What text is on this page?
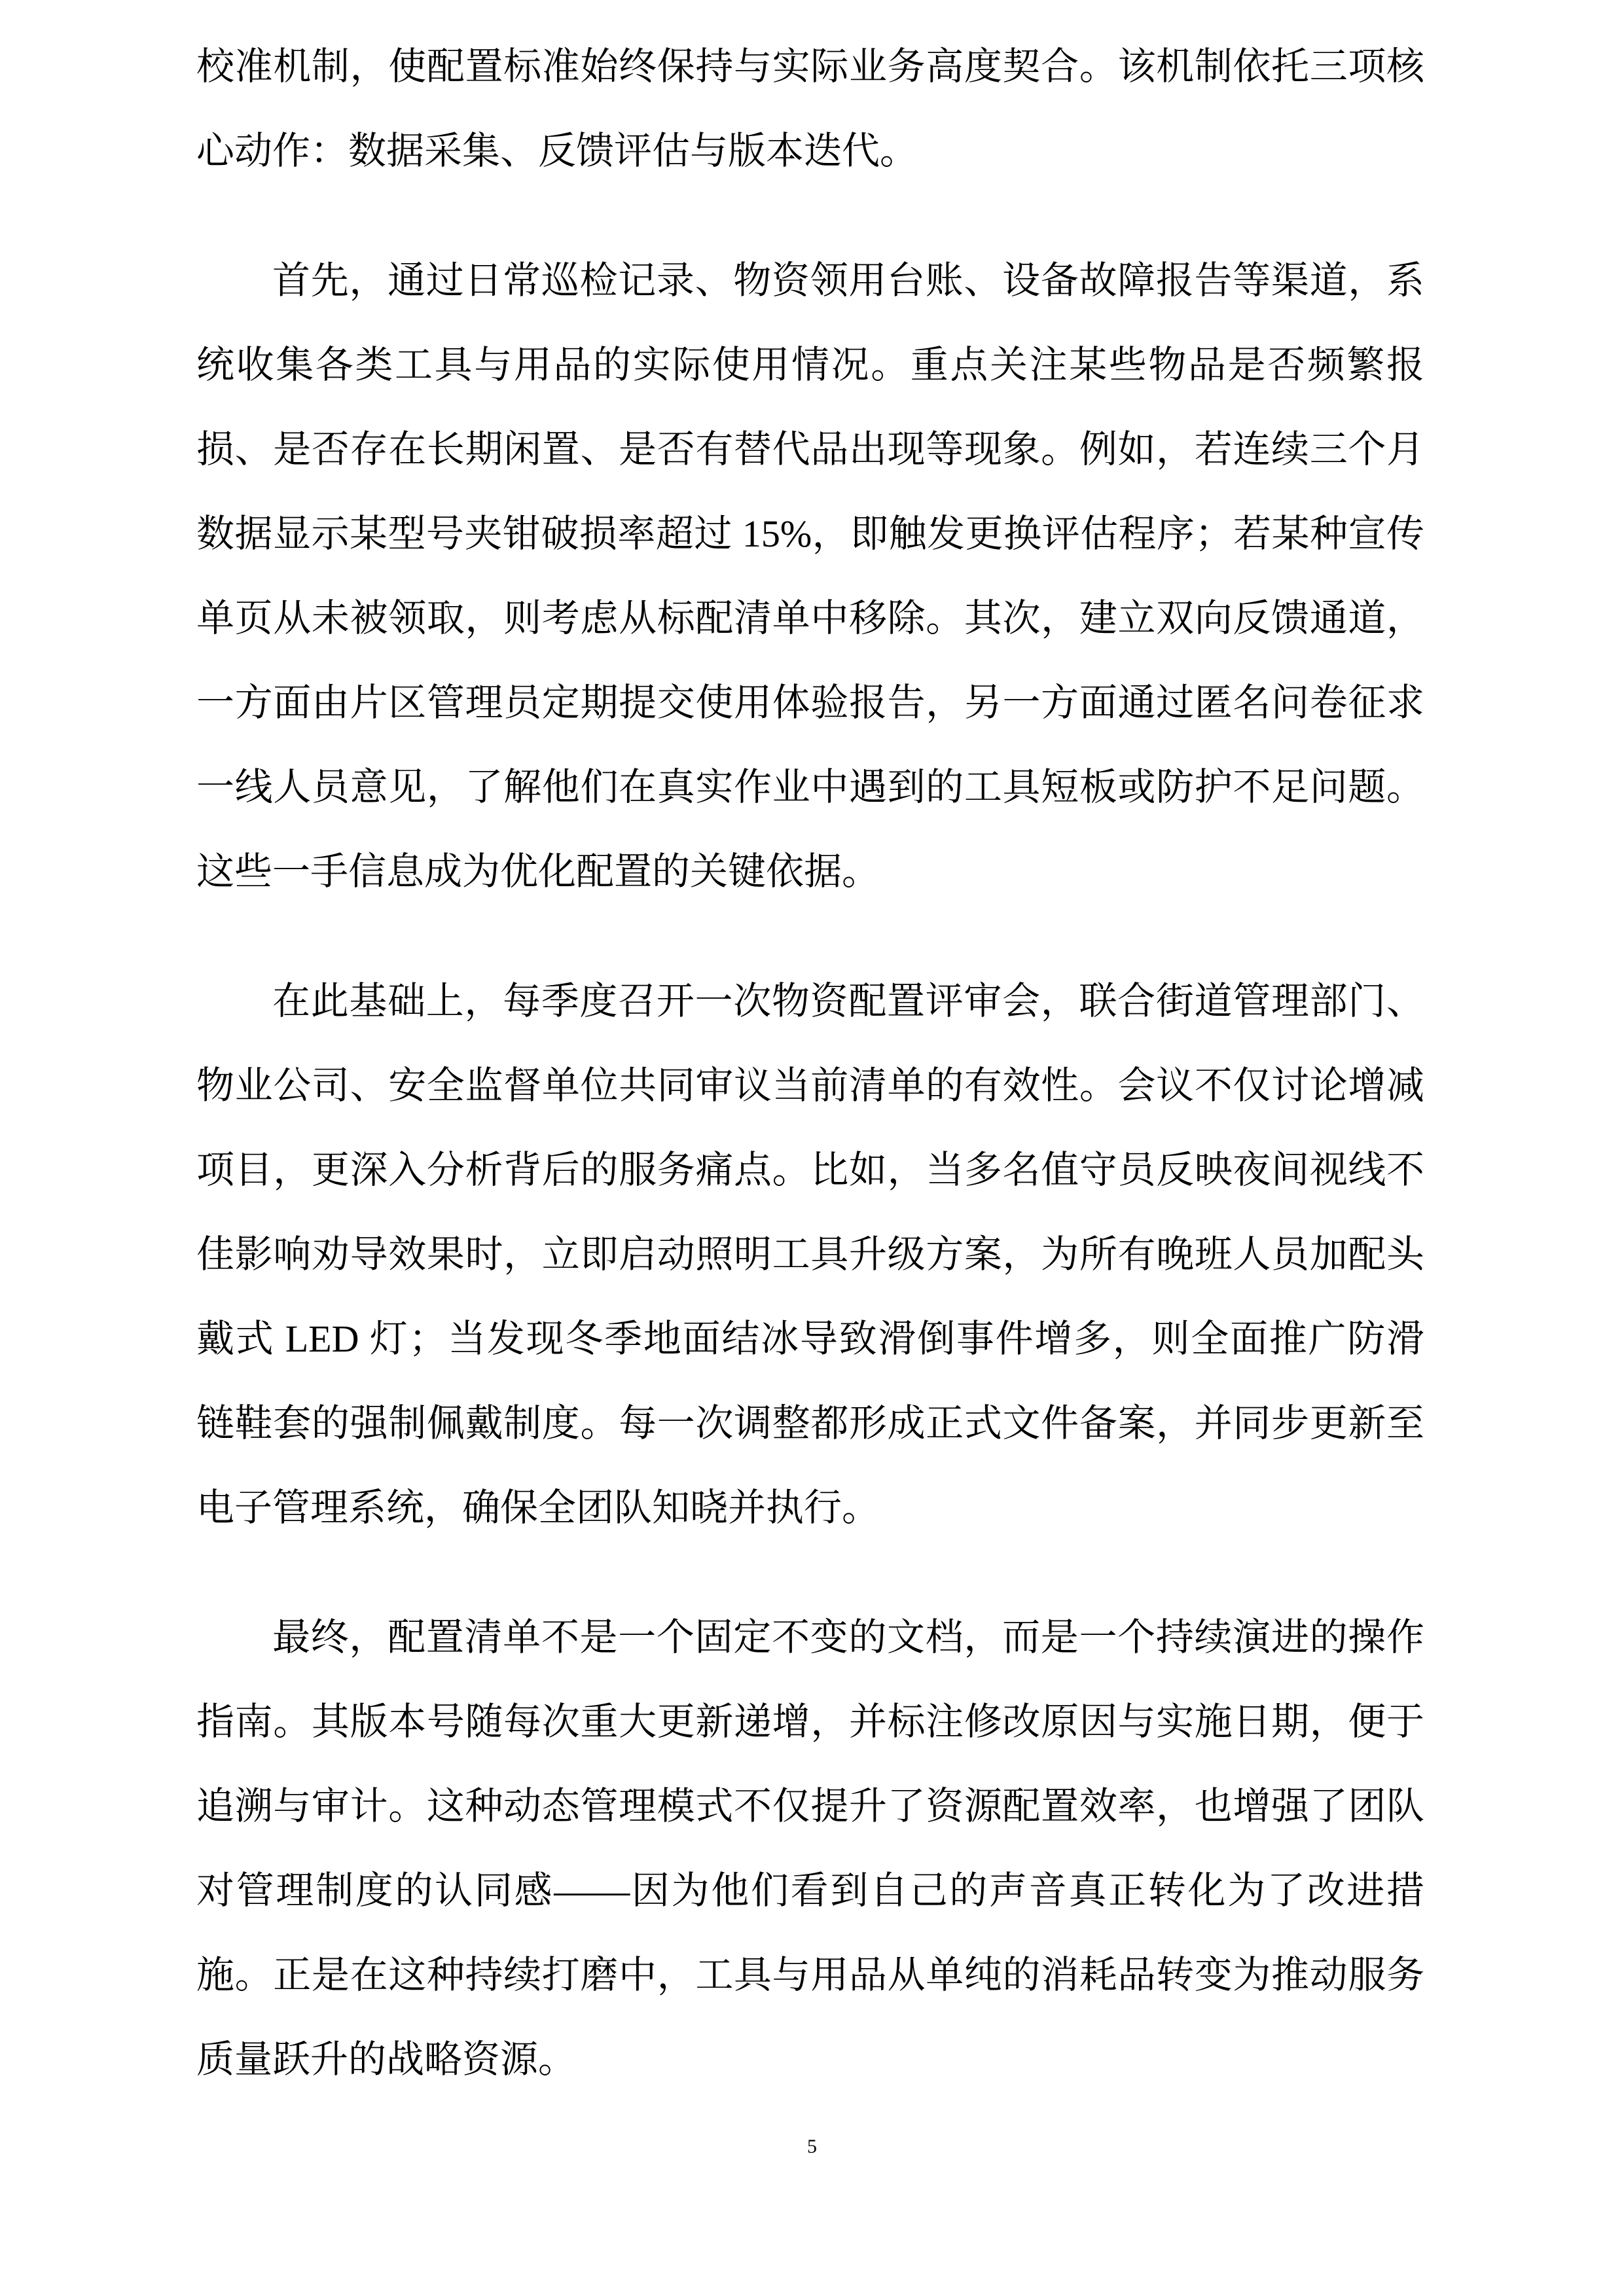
校准机制，使配置标准始终保持与实际业务高度契合。该机制依托三项核
心动作：数据采集、反馈评估与版本迭代。
首先，通过日常巡检记录、物资领用台账、设备故障报告等渠道，系
统收集各类工具与用品的实际使用情况。重点关注某些物品是否频繁报
损、是否存在长期闲置、是否有替代品出现等现象。例如，若连续三个月
数据显示某型号夹钳破损率超过 15%，即触发更换评估程序；若某种宣传
单页从未被领取，则考虑从标配清单中移除。其次，建立双向反馈通道，
一方面由片区管理员定期提交使用体验报告，另一方面通过匿名问卷征求
一线人员意见，了解他们在真实作业中遇到的工具短板或防护不足问题。
这些一手信息成为优化配置的关键依据。
在此基础上，每季度召开一次物资配置评审会，联合街道管理部门、
物业公司、安全监督单位共同审议当前清单的有效性。会议不仅讨论增减
项目，更深入分析背后的服务痛点。比如，当多名值守员反映夜间视线不
佳影响劝导效果时，立即启动照明工具升级方案，为所有晚班人员加配头
戴式 LED 灯；当发现冬季地面结冰导致滑倒事件增多，则全面推广防滑
链鞋套的强制佩戴制度。每一次调整都形成正式文件备案，并同步更新至
电子管理系统，确保全团队知晓并执行。
最终，配置清单不是一个固定不变的文档，而是一个持续演进的操作
指南。其版本号随每次重大更新递增，并标注修改原因与实施日期，便于
追溯与审计。这种动态管理模式不仅提升了资源配置效率，也增强了团队
对管理制度的认同感——因为他们看到自己的声音真正转化为了改进措
施。正是在这种持续打磨中，工具与用品从单纯的消耗品转变为推动服务
质量跃升的战略资源。
5
